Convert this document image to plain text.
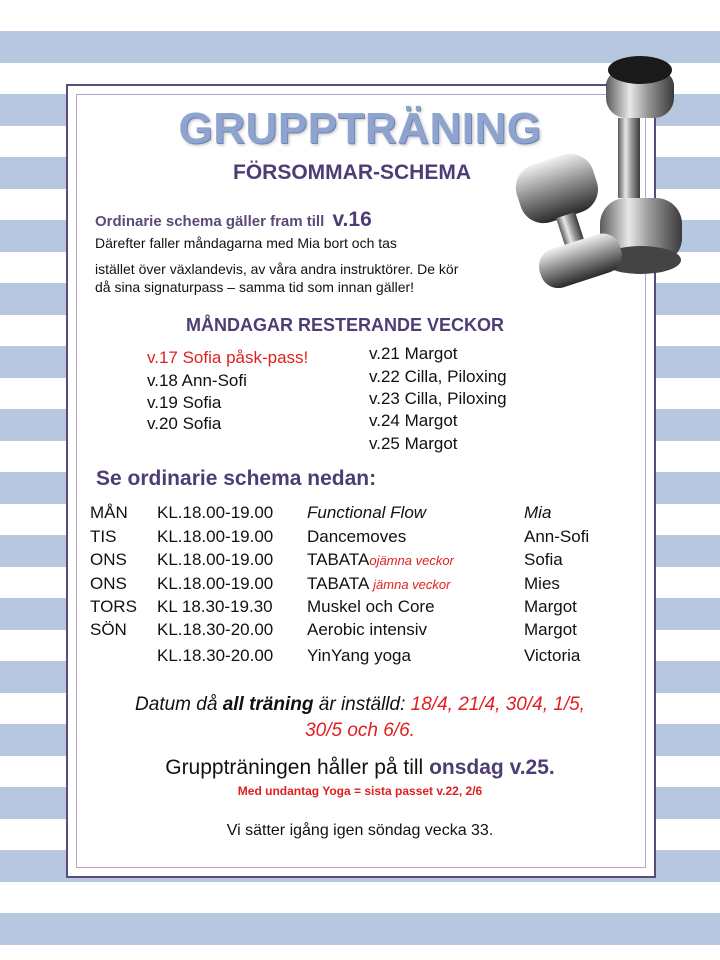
GRUPPTRÄNING
FÖRSOMMAR-SCHEMA
Ordinarie schema gäller fram till v.16
Därefter faller måndagarna med Mia bort och tas
istället över växlandevis, av våra andra instruktörer. De kör
då sina signaturpass – samma tid som innan gäller!
MÅNDAGAR RESTERANDE VECKOR
v.17 Sofia påsk-pass!
v.18 Ann-Sofi
v.19 Sofia
v.20 Sofia
v.21 Margot
v.22 Cilla, Piloxing
v.23 Cilla, Piloxing
v.24 Margot
v.25 Margot
Se ordinarie schema nedan:
MÅN KL.18.00-19.00 Functional Flow	Mia
TIS KL.18.00-19.00 Dancemoves	Ann-Sofi
ONS KL.18.00-19.00 TABATAojämna veckor	Sofia
ONS KL.18.00-19.00 TABATA jämna veckor	Mies
TORS KL 18.30-19.30 Muskel och Core	Margot
SÖN KL.18.30-20.00 Aerobic intensiv	Margot
KL.18.30-20.00 YinYang yoga	Victoria
Datum då all träning är inställd: 18/4, 21/4, 30/4, 1/5,
30/5 och 6/6.
Gruppträningen håller på till onsdag v.25.
Med undantag Yoga = sista passet v.22, 2/6
Vi sätter igång igen söndag vecka 33.
